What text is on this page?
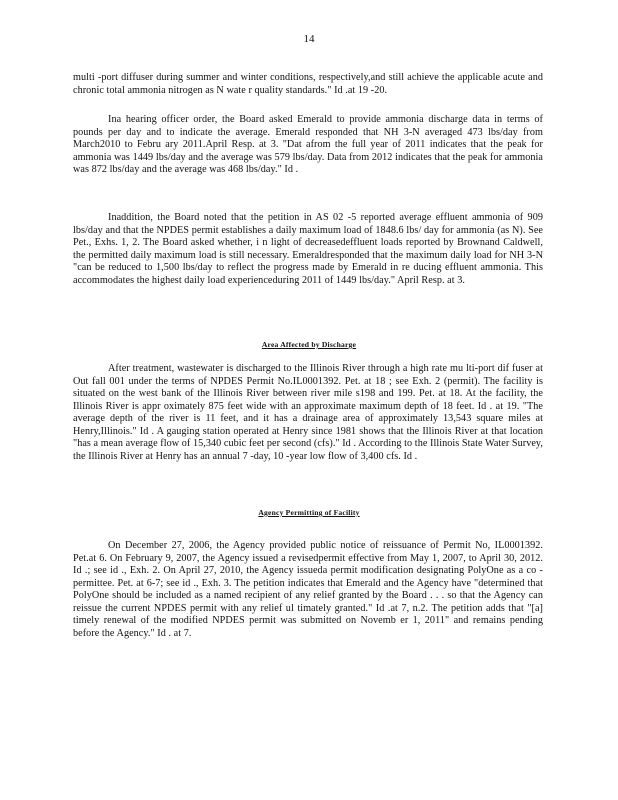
14

multi -port diffuser during summer and winter conditions, respectively,and still achieve the applicable acute and chronic total ammonia nitrogen as N wate r quality standards." Id .at 19 -20.

Ina hearing officer order, the Board asked Emerald to provide ammonia discharge data in terms of pounds per day and to indicate the average. Emerald responded that NH 3-N averaged 473 lbs/day from March2010 to Febru ary 2011.April Resp. at 3. "Dat afrom the full year of 2011 indicates that the peak for ammonia was 1449 lbs/day and the average was 579 lbs/day. Data from 2012 indicates that the peak for ammonia was 872 lbs/day and the average was 468 lbs/day." Id .

Inaddition, the Board noted that the petition in AS 02 -5 reported average effluent ammonia of 909 lbs/day and that the NPDES permit establishes a daily maximum load of 1848.6 lbs/ day for ammonia (as N). See Pet., Exhs. 1, 2. The Board asked whether, i n light of decreasedeffluent loads reported by Brownand Caldwell, the permitted daily maximum load is still necessary. Emeraldresponded that the maximum daily load for NH 3-N "can be reduced to 1,500 lbs/day to reflect the progress made by Emerald in re ducing effluent ammonia. This accommodates the highest daily load experienceduring 2011 of 1449 lbs/day." April Resp. at 3.

Area Affected by Discharge

After treatment, wastewater is discharged to the Illinois River through a high rate mu lti-port dif fuser at Out fall 001 under the terms of NPDES Permit No.IL0001392. Pet. at 18 ; see Exh. 2 (permit). The facility is situated on the west bank of the Illinois River between river mile s198 and 199. Pet. at 18. At the facility, the Illinois River is appr oximately 875 feet wide with an approximate maximum depth of 18 feet. Id . at 19. "The average depth of the river is 11 feet, and it has a drainage area of approximately 13,543 square miles at Henry,Illinois." Id . A gauging station operated at Henry since 1981 shows that the Illinois River at that location "has a mean average flow of 15,340 cubic feet per second (cfs)." Id . According to the Illinois State Water Survey, the Illinois River at Henry has an annual 7 -day, 10 -year low flow of 3,400 cfs. Id .

Agency Permitting of Facility

On December 27, 2006, the Agency provided public notice of reissuance of Permit No, IL0001392. Pet.at 6. On February 9, 2007, the Agency issued a revisedpermit effective from May 1, 2007, to April 30, 2012. Id .; see id ., Exh. 2. On April 27, 2010, the Agency issueda permit modification designating PolyOne as a co -permittee. Pet. at 6-7; see id ., Exh. 3. The petition indicates that Emerald and the Agency have "determined that PolyOne should be included as a named recipient of any relief granted by the Board . . . so that the Agency can reissue the current NPDES permit with any relief ul timately granted." Id .at 7, n.2. The petition adds that "[a] timely renewal of the modified NPDES permit was submitted on Novemb er 1, 2011" and remains pending before the Agency." Id . at 7.
